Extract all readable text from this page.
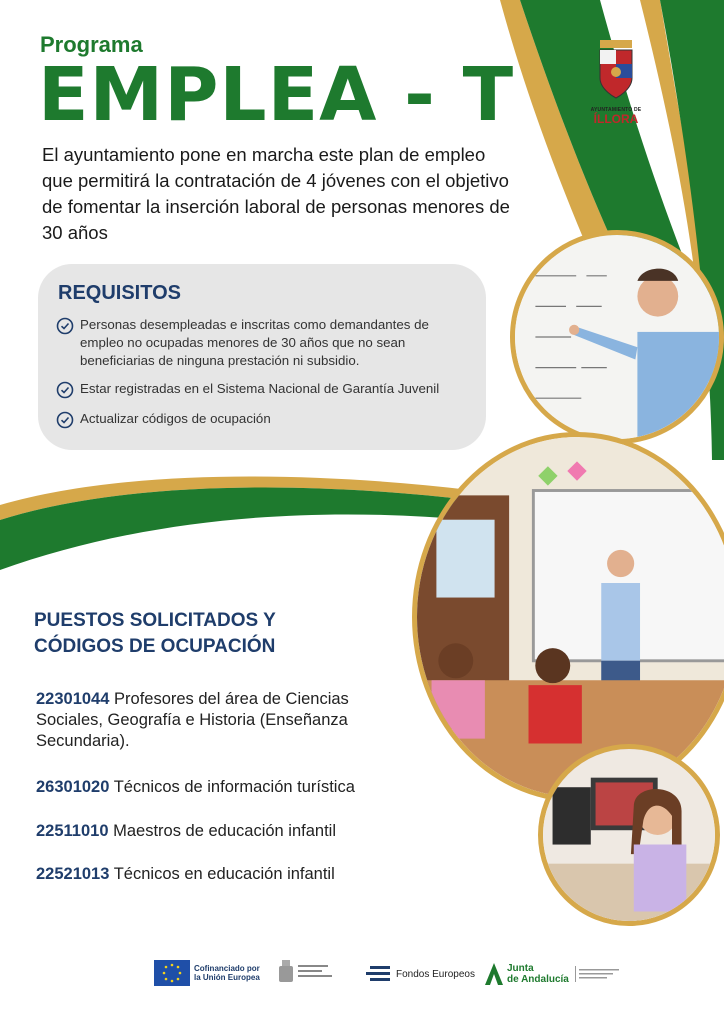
Programa
EMPLEA - T
El ayuntamiento pone en marcha este plan de empleo que permitirá la contratación de 4 jóvenes con el objetivo de fomentar la inserción laboral de personas menores de 30 años
AYUNTAMIENTO DE
ÍLLORA
REQUISITOS
Personas desempleadas e inscritas como demandantes de empleo no ocupadas menores de 30 años que no sean beneficiarias de ninguna prestación ni subsidio.
Estar registradas en el Sistema Nacional de Garantía Juvenil
Actualizar códigos de ocupación
PUESTOS SOLICITADOS Y
CÓDIGOS DE OCUPACIÓN
22301044 Profesores del área de Ciencias Sociales, Geografía e Historia (Enseñanza Secundaria).
26301020 Técnicos de información turística
22511010 Maestros de educación infantil
22521013 Técnicos en educación infantil
Cofinanciado por
la Unión Europea	Fondos Europeos	Junta
de Andalucía
